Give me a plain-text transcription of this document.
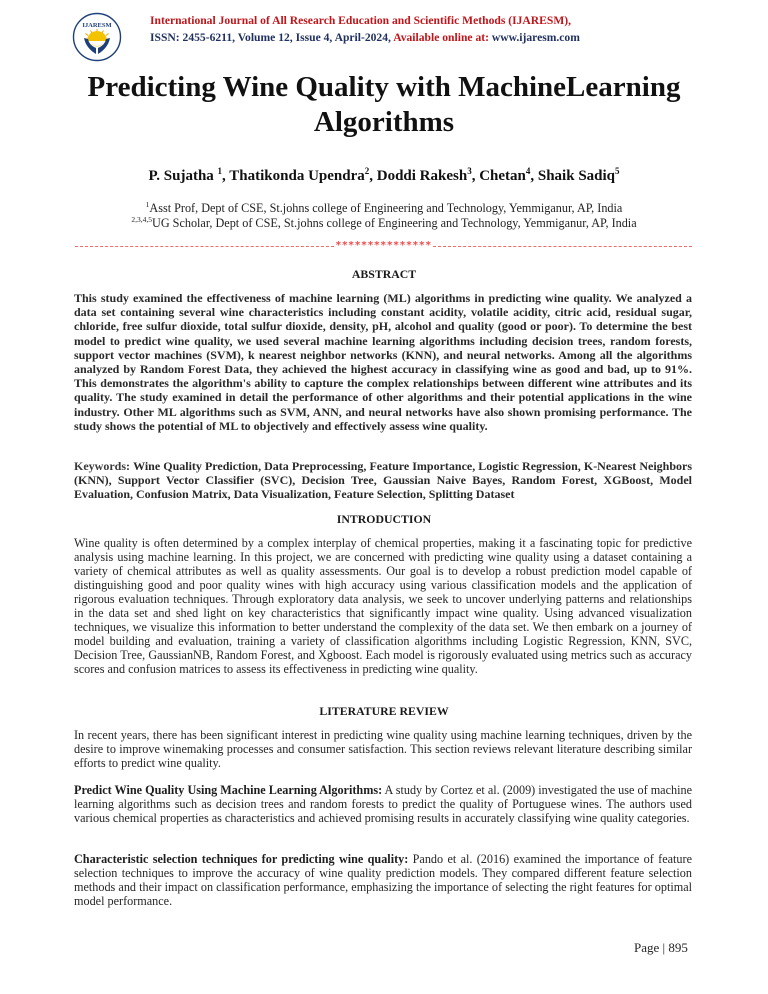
IJARESM	International Journal of All Research Education and Scientific Methods (IJARESM),
ISSN: 2455-6211, Volume 12, Issue 4, April-2024, Available online at: www.ijaresm.com
Predicting Wine Quality with MachineLearning Algorithms
P. Sujatha $^1$, Thatikonda Upendra$^2$, Doddi Rakesh$^3$, Chetan$^4$, Shaik Sadiq$^5$
$^1$Asst Prof, Dept of CSE, St.johns college of Engineering and Technology, Yemmiganur, AP, India
$^{2,3,4,5}$UG Scholar, Dept of CSE, St.johns college of Engineering and Technology, Yemmiganur, AP, India
***************
ABSTRACT
This study examined the effectiveness of machine learning (ML) algorithms in predicting wine quality. We analyzed a data set containing several wine characteristics including constant acidity, volatile acidity, citric acid, residual sugar, chloride, free sulfur dioxide, total sulfur dioxide, density, pH, alcohol and quality (good or poor). To determine the best model to predict wine quality, we used several machine learning algorithms including decision trees, random forests, support vector machines (SVM), k nearest neighbor networks (KNN), and neural networks. Among all the algorithms analyzed by Random Forest Data, they achieved the highest accuracy in classifying wine as good and bad, up to 91%. This demonstrates the algorithm's ability to capture the complex relationships between different wine attributes and its quality. The study examined in detail the performance of other algorithms and their potential applications in the wine industry. Other ML algorithms such as SVM, ANN, and neural networks have also shown promising performance. The study shows the potential of ML to objectively and effectively assess wine quality.
Keywords: Wine Quality Prediction, Data Preprocessing, Feature Importance, Logistic Regression, K-Nearest Neighbors (KNN), Support Vector Classifier (SVC), Decision Tree, Gaussian Naive Bayes, Random Forest, XGBoost, Model Evaluation, Confusion Matrix, Data Visualization, Feature Selection, Splitting Dataset
INTRODUCTION
Wine quality is often determined by a complex interplay of chemical properties, making it a fascinating topic for predictive analysis using machine learning. In this project, we are concerned with predicting wine quality using a dataset containing a variety of chemical attributes as well as quality assessments. Our goal is to develop a robust prediction model capable of distinguishing good and poor quality wines with high accuracy using various classification models and the application of rigorous evaluation techniques. Through exploratory data analysis, we seek to uncover underlying patterns and relationships in the data set and shed light on key characteristics that significantly impact wine quality. Using advanced visualization techniques, we visualize this information to better understand the complexity of the data set. We then embark on a journey of model building and evaluation, training a variety of classification algorithms including Logistic Regression, KNN, SVC, Decision Tree, GaussianNB, Random Forest, and Xgboost. Each model is rigorously evaluated using metrics such as accuracy scores and confusion matrices to assess its effectiveness in predicting wine quality.
LITERATURE REVIEW
In recent years, there has been significant interest in predicting wine quality using machine learning techniques, driven by the desire to improve winemaking processes and consumer satisfaction. This section reviews relevant literature describing similar efforts to predict wine quality.
Predict Wine Quality Using Machine Learning Algorithms: A study by Cortez et al. (2009) investigated the use of machine learning algorithms such as decision trees and random forests to predict the quality of Portuguese wines. The authors used various chemical properties as characteristics and achieved promising results in accurately classifying wine quality categories.
Characteristic selection techniques for predicting wine quality: Pando et al. (2016) examined the importance of feature selection techniques to improve the accuracy of wine quality prediction models. They compared different feature selection methods and their impact on classification performance, emphasizing the importance of selecting the right features for optimal model performance.
Page | 895
